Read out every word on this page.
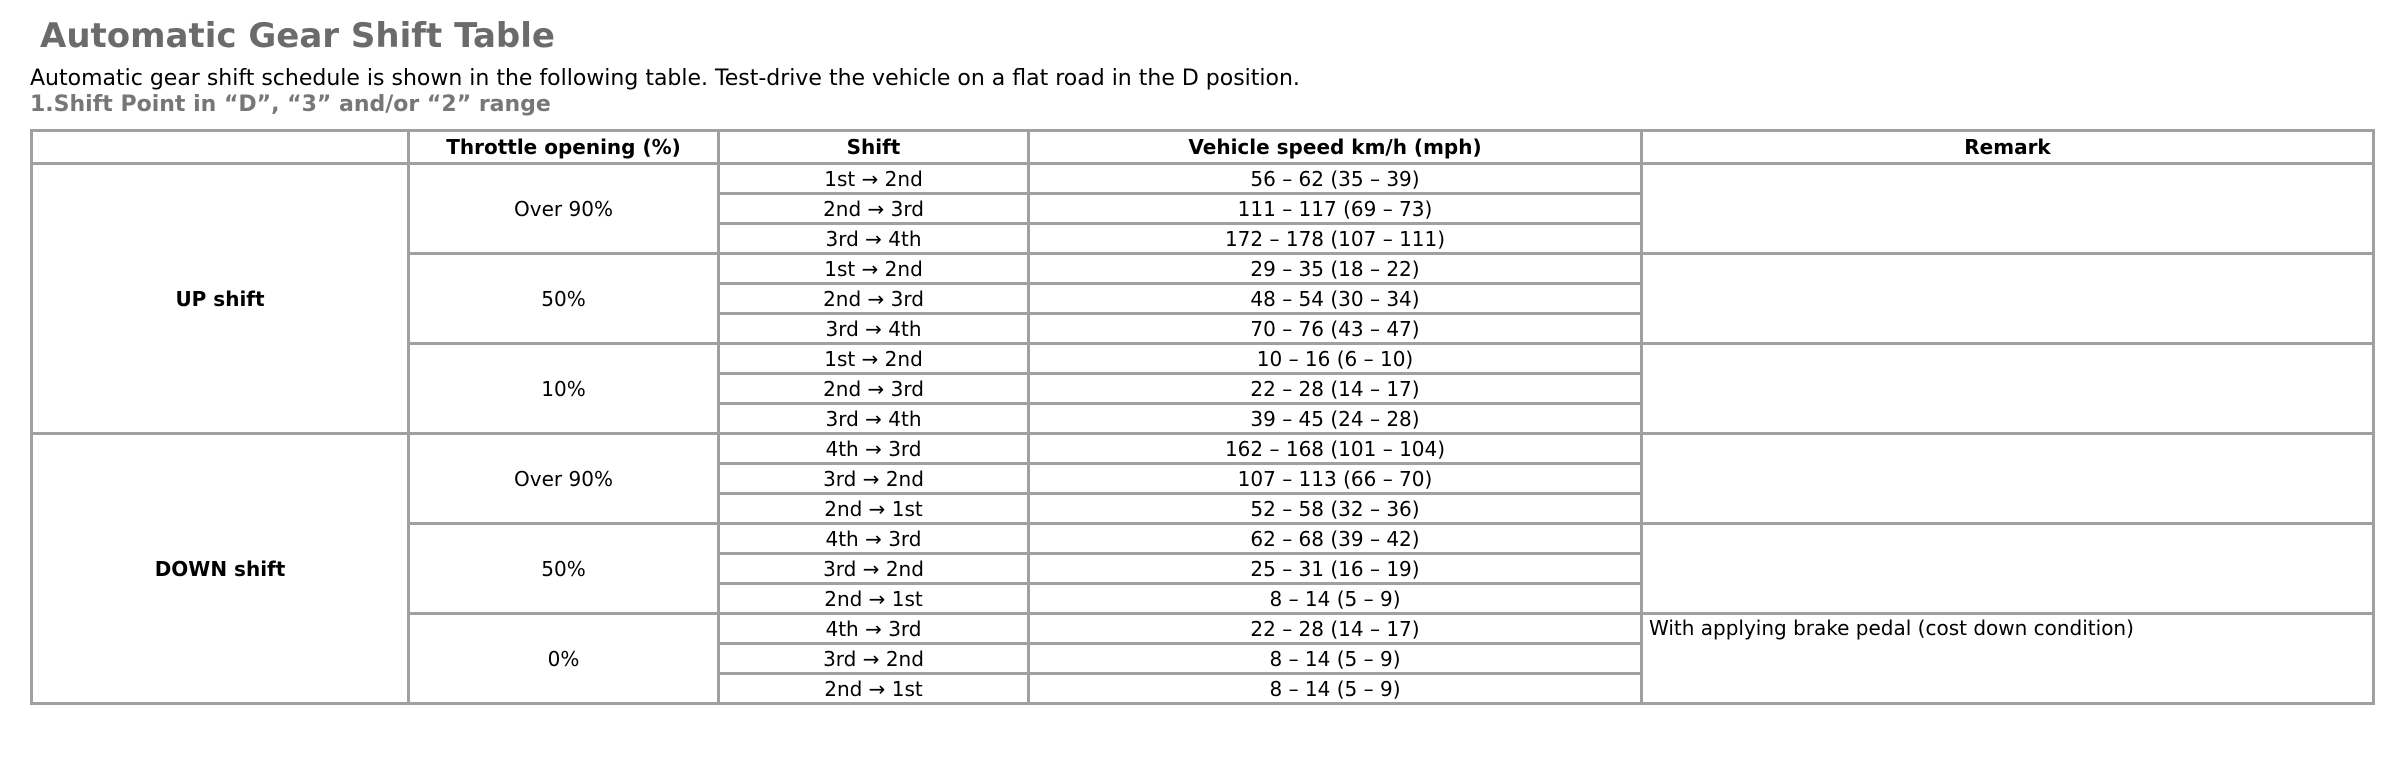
Automatic Gear Shift Table

Automatic gear shift schedule is shown in the following table. Test-drive the vehicle on a flat road in the D position.

1.Shift Point in “D”, “3” and/or “2” range

	Throttle opening (%)	Shift	Vehicle speed km/h (mph)	Remark
UP shift	Over 90%	1st → 2nd	56 – 62 (35 – 39)	
		2nd → 3rd	111 – 117 (69 – 73)	
		3rd → 4th	172 – 178 (107 – 111)	
	50%	1st → 2nd	29 – 35 (18 – 22)	
		2nd → 3rd	48 – 54 (30 – 34)	
		3rd → 4th	70 – 76 (43 – 47)	
	10%	1st → 2nd	10 – 16 (6 – 10)	
		2nd → 3rd	22 – 28 (14 – 17)	
		3rd → 4th	39 – 45 (24 – 28)	
DOWN shift	Over 90%	4th → 3rd	162 – 168 (101 – 104)	
		3rd → 2nd	107 – 113 (66 – 70)	
		2nd → 1st	52 – 58 (32 – 36)	
	50%	4th → 3rd	62 – 68 (39 – 42)	
		3rd → 2nd	25 – 31 (16 – 19)	
		2nd → 1st	8 – 14 (5 – 9)	
	0%	4th → 3rd	22 – 28 (14 – 17)	With applying brake pedal (cost down condition)
		3rd → 2nd	8 – 14 (5 – 9)	
		2nd → 1st	8 – 14 (5 – 9)	
